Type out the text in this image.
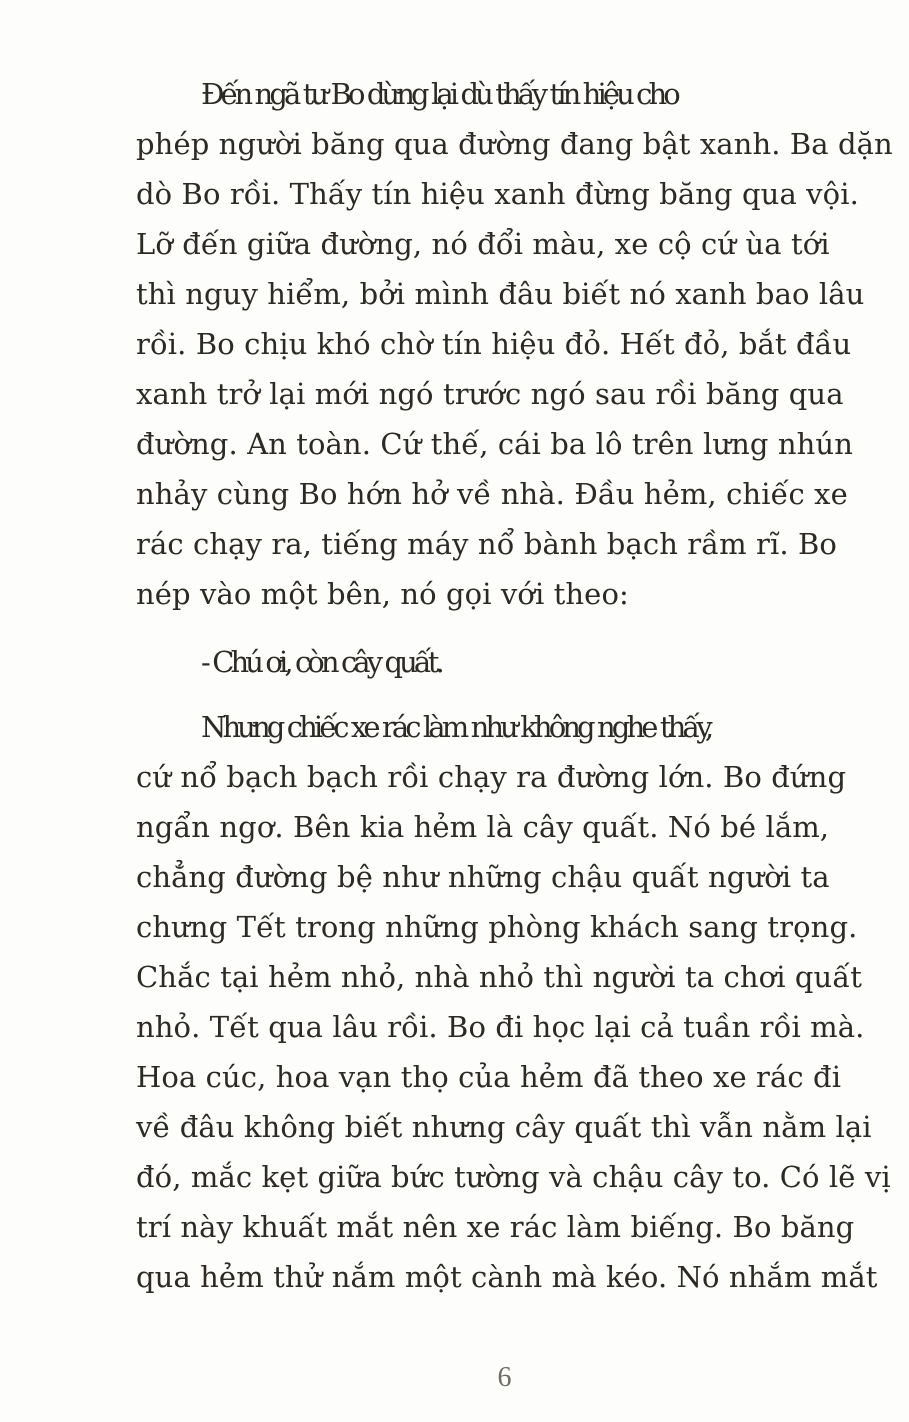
Đến ngã tư Bo dừng lại dù thấy tín hiệu cho
phép người băng qua đường đang bật xanh. Ba dặn
dò Bo rồi. Thấy tín hiệu xanh đừng băng qua vội.
Lỡ đến giữa đường, nó đổi màu, xe cộ cứ ùa tới
thì nguy hiểm, bởi mình đâu biết nó xanh bao lâu
rồi. Bo chịu khó chờ tín hiệu đỏ. Hết đỏ, bắt đầu
xanh trở lại mới ngó trước ngó sau rồi băng qua
đường. An toàn. Cứ thế, cái ba lô trên lưng nhún
nhảy cùng Bo hớn hở về nhà. Đầu hẻm, chiếc xe
rác chạy ra, tiếng máy nổ bành bạch rầm rĩ. Bo
nép vào một bên, nó gọi với theo:
- Chú ơi, còn cây quất.
Nhưng chiếc xe rác làm như không nghe thấy,
cứ nổ bạch bạch rồi chạy ra đường lớn. Bo đứng
ngẩn ngơ. Bên kia hẻm là cây quất. Nó bé lắm,
chẳng đường bệ như những chậu quất người ta
chưng Tết trong những phòng khách sang trọng.
Chắc tại hẻm nhỏ, nhà nhỏ thì người ta chơi quất
nhỏ. Tết qua lâu rồi. Bo đi học lại cả tuần rồi mà.
Hoa cúc, hoa vạn thọ của hẻm đã theo xe rác đi
về đâu không biết nhưng cây quất thì vẫn nằm lại
đó, mắc kẹt giữa bức tường và chậu cây to. Có lẽ vị
trí này khuất mắt nên xe rác làm biếng. Bo băng
qua hẻm thử nắm một cành mà kéo. Nó nhắm mắt
6
